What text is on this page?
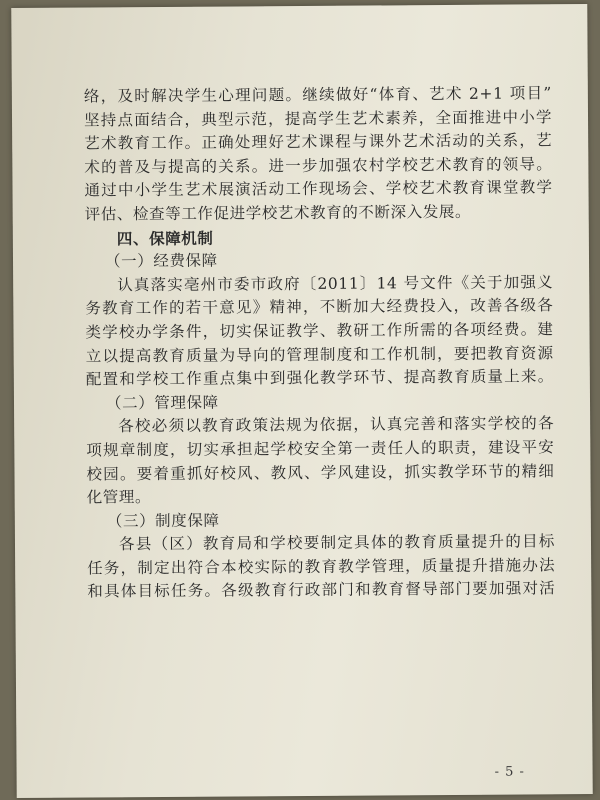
络，及时解决学生心理问题。继续做好“体育、艺术 2+1 项目”
坚持点面结合，典型示范，提高学生艺术素养，全面推进中小学
艺术教育工作。正确处理好艺术课程与课外艺术活动的关系，艺
术的普及与提高的关系。进一步加强农村学校艺术教育的领导。
通过中小学生艺术展演活动工作现场会、学校艺术教育课堂教学
评估、检查等工作促进学校艺术教育的不断深入发展。
四、保障机制
（一）经费保障
认真落实亳州市委市政府〔2011〕14 号文件《关于加强义
务教育工作的若干意见》精神，不断加大经费投入，改善各级各
类学校办学条件，切实保证教学、教研工作所需的各项经费。建
立以提高教育质量为导向的管理制度和工作机制，要把教育资源
配置和学校工作重点集中到强化教学环节、提高教育质量上来。
（二）管理保障
各校必须以教育政策法规为依据，认真完善和落实学校的各
项规章制度，切实承担起学校安全第一责任人的职责，建设平安
校园。要着重抓好校风、教风、学风建设，抓实教学环节的精细
化管理。
（三）制度保障
各县（区）教育局和学校要制定具体的教育质量提升的目标
任务，制定出符合本校实际的教育教学管理，质量提升措施办法
和具体目标任务。各级教育行政部门和教育督导部门要加强对活
- 5 -
